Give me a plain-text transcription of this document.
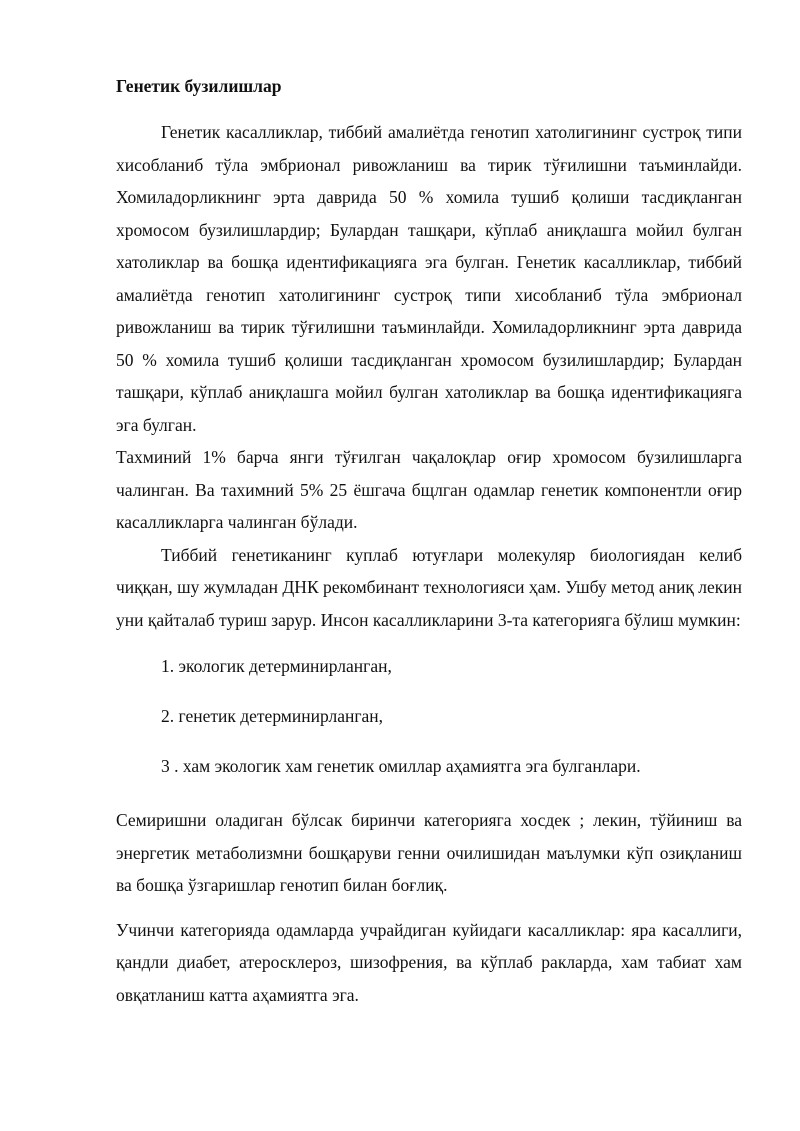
Генетик бузилишлар

Генетик касалликлар, тиббий амалиётда генотип хатолигининг сустроқ типи хисобланиб тўла эмбрионал ривожланиш ва тирик тўғилишни таъминлайди. Хомиладорликнинг эрта даврида 50 % хомила тушиб қолиши тасдиқланган хромосом бузилишлардир; Булардан ташқари, кўплаб аниқлашга мойил булган хатоликлар ва бошқа идентификацияга эга булган. Генетик касалликлар, тиббий амалиётда генотип хатолигининг сустроқ типи хисобланиб тўла эмбрионал ривожланиш ва тирик тўғилишни таъминлайди. Хомиладорликнинг эрта даврида 50 % хомила тушиб қолиши тасдиқланган хромосом бузилишлардир; Булардан ташқари, кўплаб аниқлашга мойил булган хатоликлар ва бошқа идентификацияга эга булган.

Тахминий 1% барча янги тўғилган чақалоқлар оғир хромосом бузилишларга чалинган. Ва тахимний 5% 25 ёшгача бщлган одамлар генетик компонентли оғир касалликларга чалинган бўлади.

Тиббий генетиканинг куплаб ютуғлари молекуляр биологиядан келиб чиққан, шу жумладан ДНК рекомбинант технологияси ҳам. Ушбу метод аниқ лекин уни қайталаб туриш зарур. Инсон касалликларини 3-та категорияга бўлиш мумкин:

1. экологик детерминирланган,

2. генетик детерминирланган,

3 . хам экологик хам генетик омиллар аҳамиятга эга булганлари.

Семиришни оладиган бўлсак биринчи категорияга хосдек ; лекин, тўйиниш ва энергетик метаболизмни бошқаруви генни очилишидан маълумки кўп озиқланиш ва бошқа ўзгаришлар генотип билан боғлиқ.

Учинчи категорияда одамларда учрайдиган куйидаги касалликлар: яра касаллиги, қандли диабет, атеросклероз, шизофрения, ва кўплаб ракларда, хам табиат хам овқатланиш катта аҳамиятга эга.
